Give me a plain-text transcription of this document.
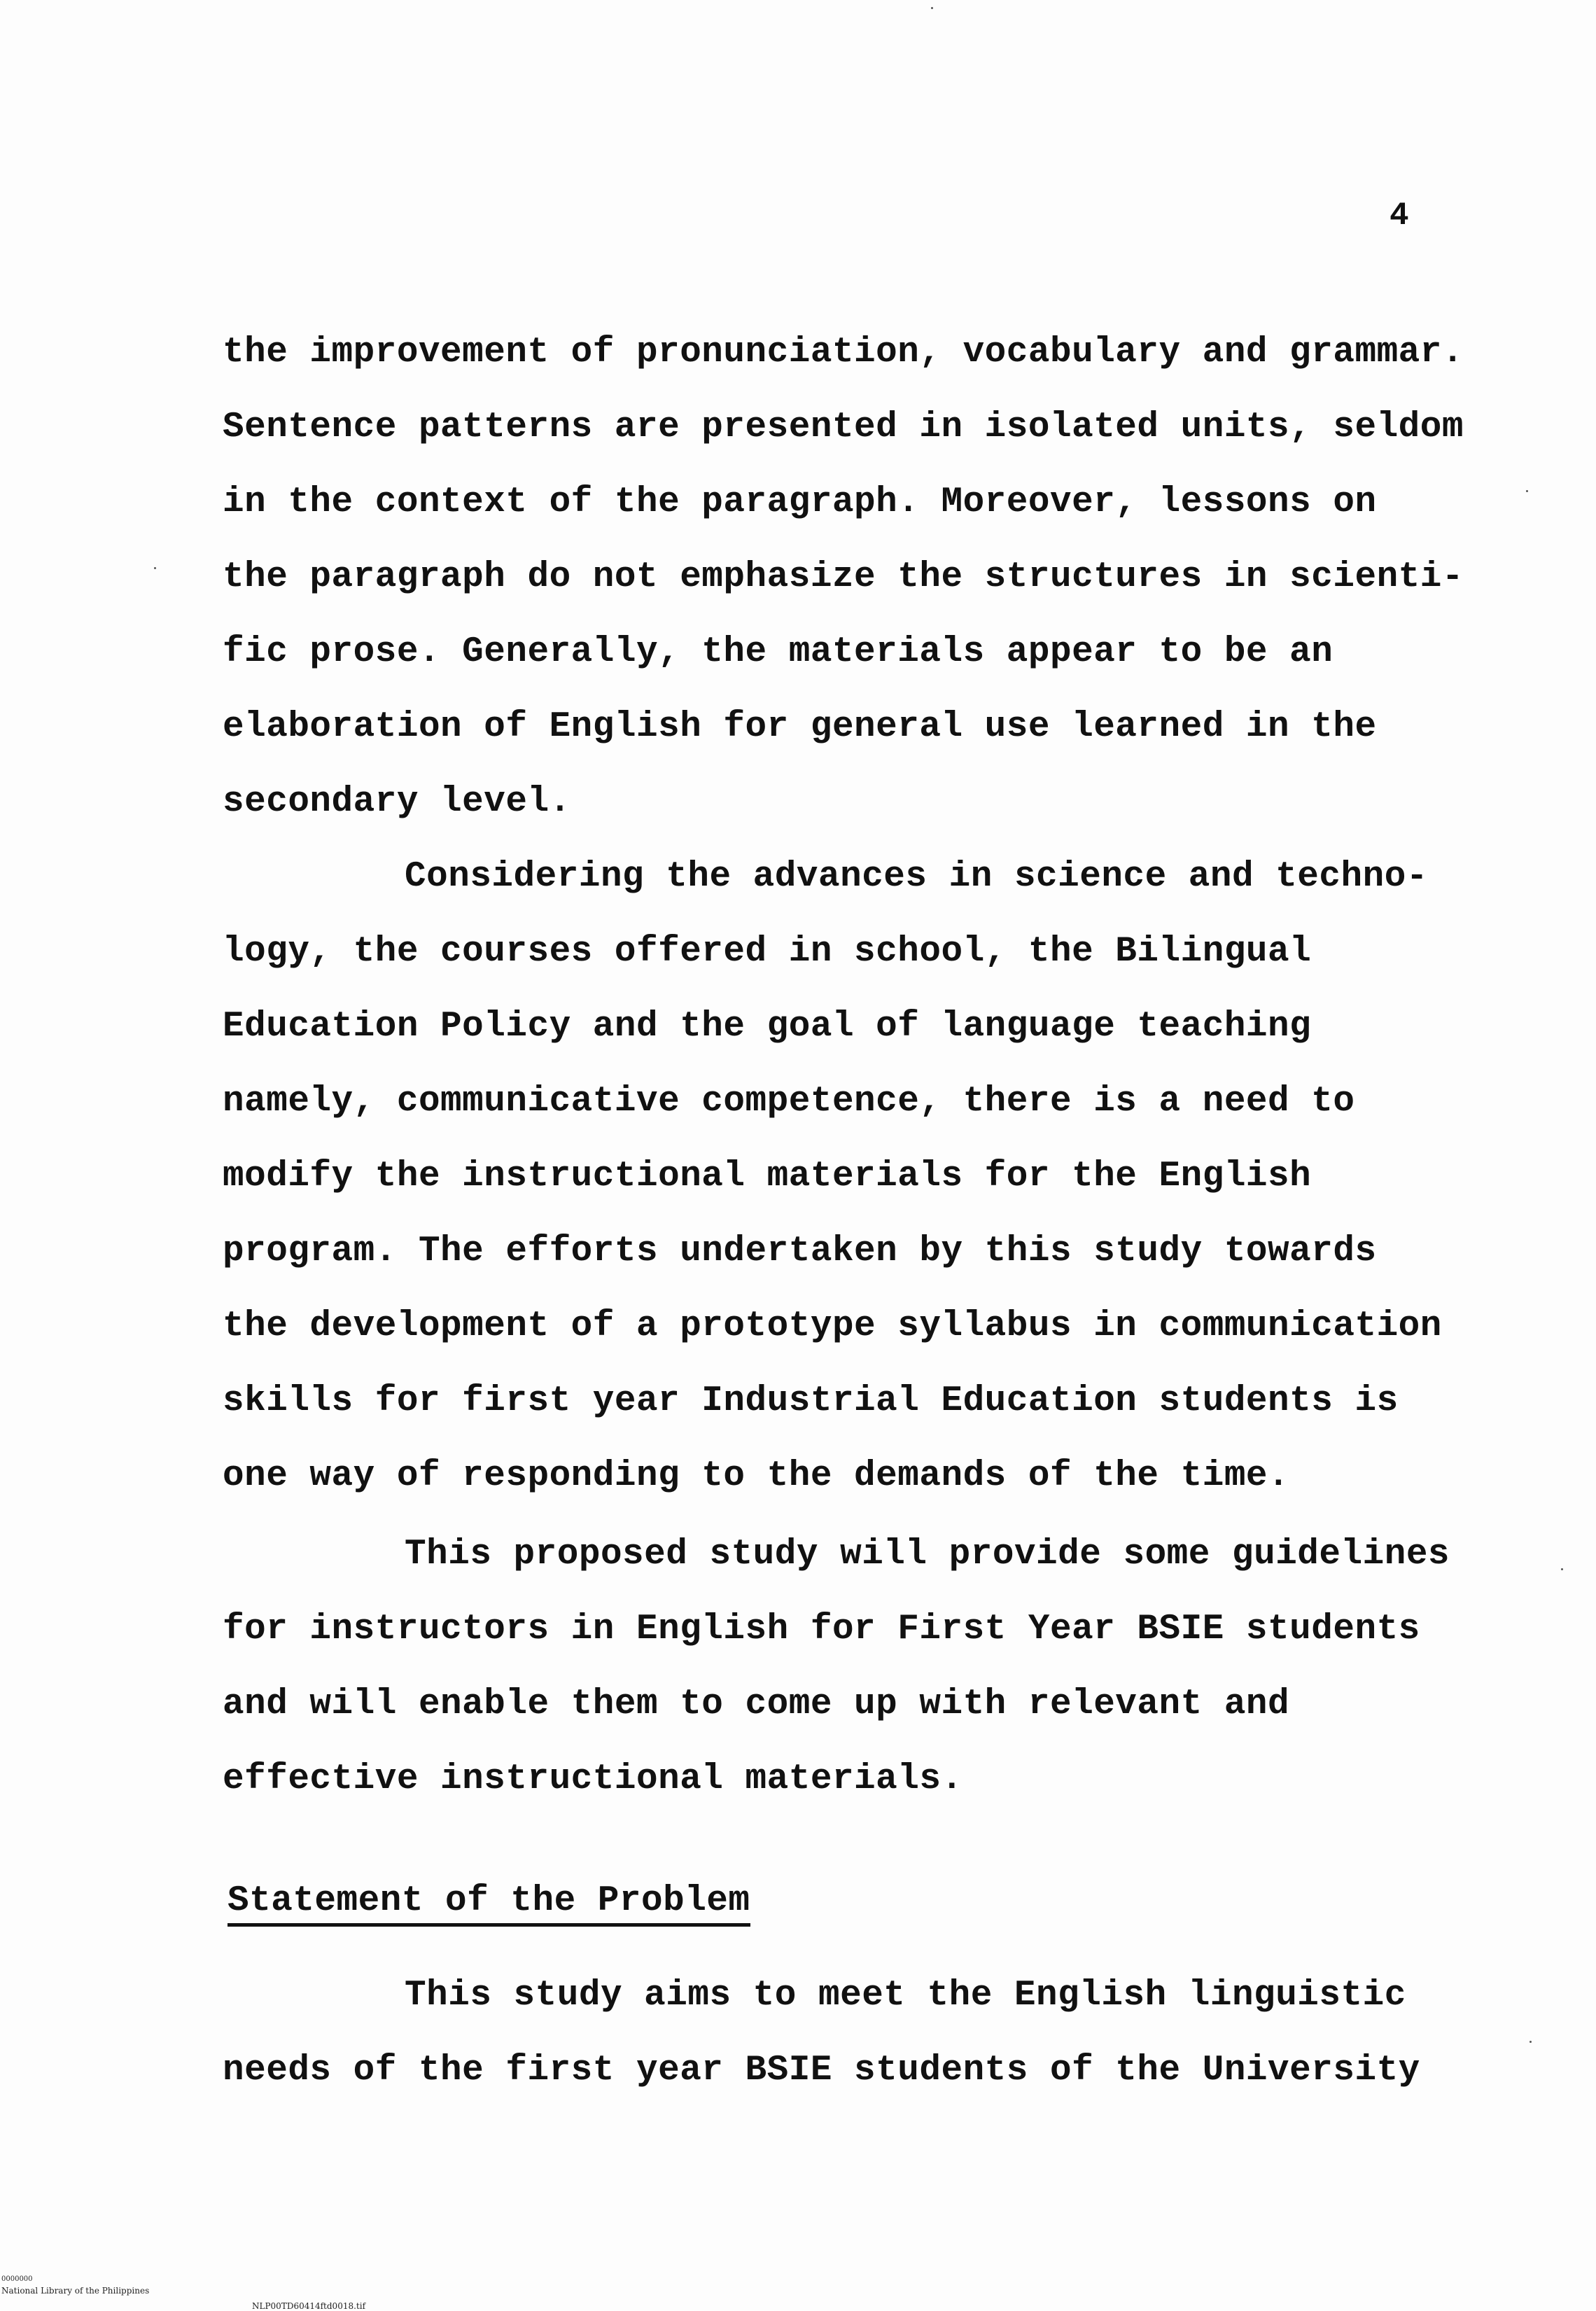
4
the improvement of pronunciation, vocabulary and grammar.
Sentence patterns are presented in isolated units, seldom
in the context of the paragraph. Moreover, lessons on
the paragraph do not emphasize the structures in scienti-
fic prose. Generally, the materials appear to be an
elaboration of English for general use learned in the
secondary level.
Considering the advances in science and techno-
logy, the courses offered in school, the Bilingual
Education Policy and the goal of language teaching
namely, communicative competence, there is a need to
modify the instructional materials for the English
program. The efforts undertaken by this study towards
the development of a prototype syllabus in communication
skills for first year Industrial Education students is
one way of responding to the demands of the time.
This proposed study will provide some guidelines
for instructors in English for First Year BSIE students
and will enable them to come up with relevant and
effective instructional materials.
Statement of the Problem
This study aims to meet the English linguistic
needs of the first year BSIE students of the University
0000000
National Library of the Philippines
NLP00TD60414ftd0018.tif
